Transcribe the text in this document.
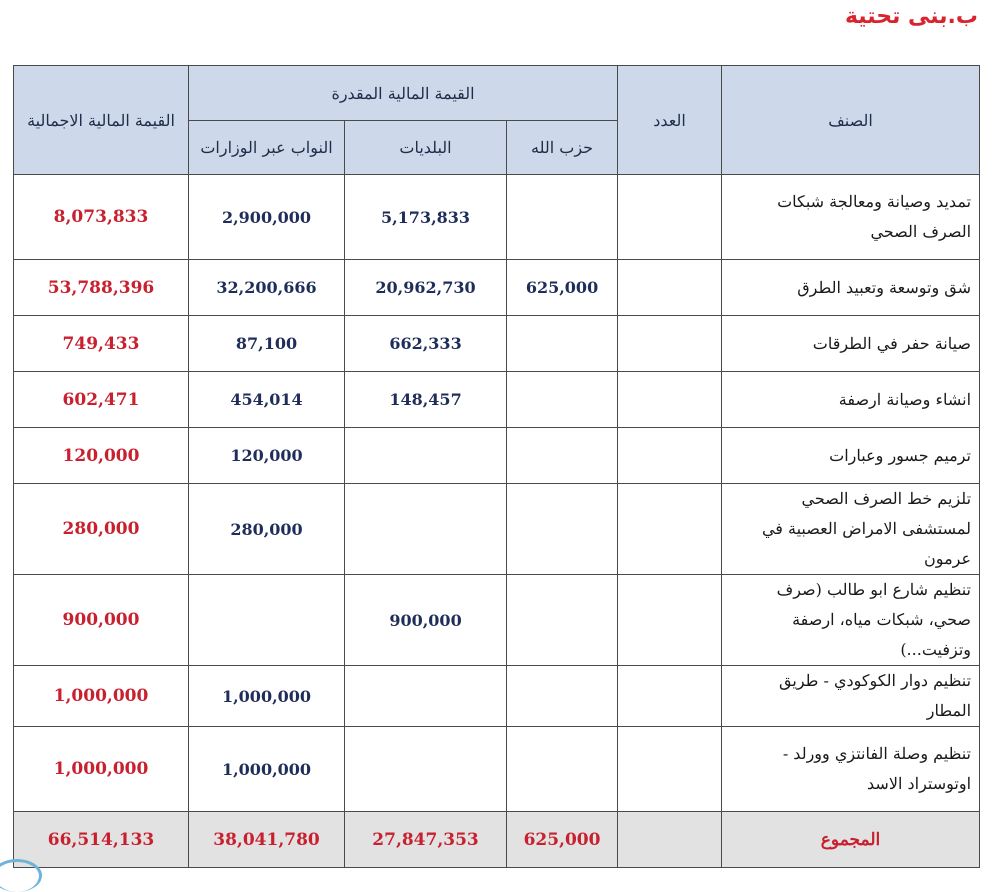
ب.بنى تحتية
الصنف	العدد	القيمة المالية المقدرة			القيمة المالية الاجمالية
		حزب الله	البلديات	النواب عبر الوزارات	
تمديد وصيانة ومعالجة شبكات الصرف الصحي			5,173,833	2,900,000	8,073,833
شق وتوسعة وتعبيد الطرق		625,000	20,962,730	32,200,666	53,788,396
صيانة حفر في الطرقات			662,333	87,100	749,433
انشاء وصيانة ارصفة			148,457	454,014	602,471
ترميم جسور وعبارات				120,000	120,000
تلزيم خط الصرف الصحي لمستشفى الامراض العصبية في عرمون				280,000	280,000
تنظيم شارع ابو طالب (صرف صحي، شبكات مياه، ارصفة وتزفيت...)			900,000		900,000
تنظيم دوار الكوكودي - طريق المطار				1,000,000	1,000,000
تنظيم وصلة الفانتزي وورلد - اوتوستراد الاسد				1,000,000	1,000,000
المجموع		625,000	27,847,353	38,041,780	66,514,133
